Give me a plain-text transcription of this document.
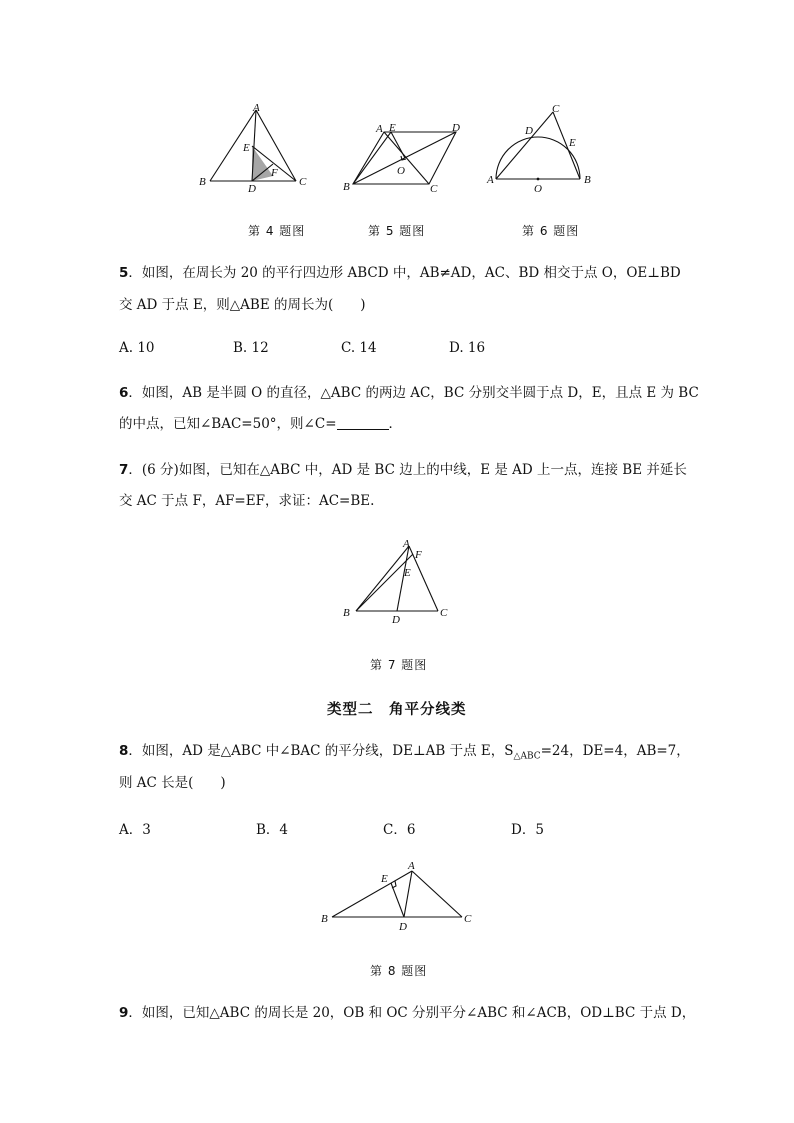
A
B	C
D
E
F
A
B	C
D
E
O
A	B
C
D
E
O
第 4 题图	第 5 题图	第 6 题图
5．如图，在周长为 20 的平行四边形 ABCD 中，AB≠AD，AC、BD 相交于点 O，OE⊥BD
交 AD 于点 E，则△ABE 的周长为(　　)
A. 10	B. 12	C. 14	D. 16
6．如图，AB 是半圆 O 的直径，△ABC 的两边 AC，BC 分别交半圆于点 D，E，且点 E 为 BC
的中点，已知∠BAC=50°，则∠C=	．
7．(6 分)如图，已知在△ABC 中，AD 是 BC 边上的中线，E 是 AD 上一点，连接 BE 并延长
交 AC 于点 F，AF=EF，求证：AC=BE.
A
B	C
D
E
F
第 7 题图
类型二　角平分线类
8．如图，AD 是△ABC 中∠BAC 的平分线，DE⊥AB 于点 E，$S_{\triangle ABC}=24$，DE=4，AB=7，
则 AC 长是(　　)
A．3	B．4	C．6	D．5
A
B	C
D
E
第 8 题图
9．如图，已知△ABC 的周长是 20，OB 和 OC 分别平分∠ABC 和∠ACB，OD⊥BC 于点 D，
